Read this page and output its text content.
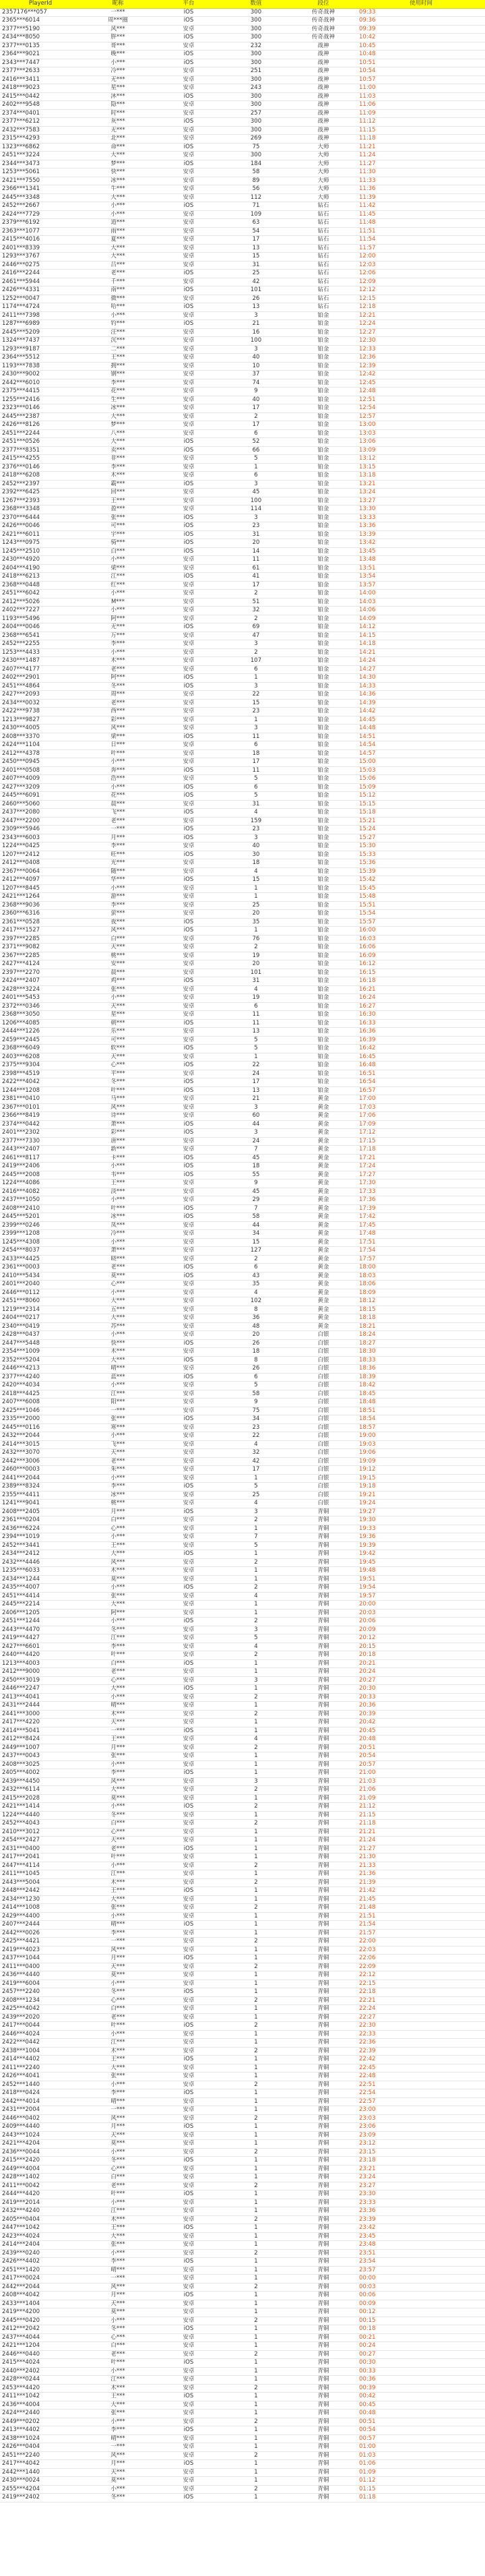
PlayerId	昵称	平台	数值	段位	使用时间
2357176***057	一***	iOS	300	传奇战神	09:33
2365***6014	周***圈	iOS	300	传奇战神	09:36
2377***5190	风***	安卓	300	传奇战神	09:39
2434***8050	胖***	iOS	300	传奇战神	10:42
2377***0135	哥***	安卓	232	战神	10:45
2364***9021	晚***	iOS	300	战神	10:48
2343***7447	小***	iOS	300	战神	10:51
2377***2633	冷***	安卓	251	战神	10:54
2416***3411	无***	安卓	300	战神	10:57
2418***9023	星***	安卓	243	战神	11:00
2415***0442	沐***	iOS	300	战神	11:03
2402***9548	隐***	安卓	300	战神	11:06
2374***0401	时***	安卓	257	战神	11:09
2377***6212	灰***	iOS	300	战神	11:12
2432***7583	无***	安卓	300	战神	11:15
2315***4293	北***	安卓	269	战神	11:18
1323***6862	命***	iOS	75	大师	11:21
2451***3224	大***	安卓	300	大师	11:24
2344***3473	梦***	iOS	184	大师	11:27
1253***5061	快***	安卓	58	大师	11:30
2421***7550	冰***	安卓	89	大师	11:33
2366***1341	牛***	安卓	56	大师	11:36
2445***3348	大***	安卓	112	大师	11:39
2452***2667	小***	iOS	71	钻石	11:42
2424***7729	小***	安卓	109	钻石	11:45
2379***6192	逍***	安卓	63	钻石	11:48
2363***1077	雨***	安卓	54	钻石	11:51
2415***4016	夏***	安卓	17	钻石	11:54
2401***8339	大***	安卓	13	钻石	11:57
1293***3767	大***	安卓	15	钻石	12:00
2446***0275	吕***	安卓	31	钻石	12:03
2416***2244	老***	iOS	25	钻石	12:06
2461***5944	千***	安卓	42	钻石	12:09
2426***4331	南***	iOS	101	钻石	12:12
1252***0047	微***	安卓	26	钻石	12:15
1174***4724	哈***	iOS	13	钻石	12:18
2411***7398	小***	安卓	3	铂金	12:21
1287***6989	钓***	iOS	21	铂金	12:24
2445***5209	汪***	安卓	16	铂金	12:27
1324***7437	沉***	安卓	100	铂金	12:30
1293***9187	二***	安卓	3	铂金	12:33
2364***5512	王***	安卓	40	铂金	12:36
1193***7838	拥***	安卓	10	铂金	12:39
2430***9002	钢***	安卓	37	铂金	12:42
2442***6010	李***	安卓	74	铂金	12:45
2375***4415	花***	安卓	9	铂金	12:48
1255***2416	生***	安卓	40	铂金	12:51
2323***0146	冰***	安卓	17	铂金	12:54
2445***2387	大***	安卓	2	铂金	12:57
2426***8126	梦***	安卓	17	铂金	13:00
2451***2244	八***	安卓	6	铂金	13:03
2451***0526	大***	iOS	52	铂金	13:06
2377***8351	卖***	iOS	66	铂金	13:09
2415***4255	非***	安卓	5	铂金	13:12
2376***0146	李***	安卓	1	铂金	13:15
2418***6208	木***	安卓	6	铂金	13:18
2452***2397	霸***	iOS	3	铂金	13:21
2392***6425	回***	安卓	45	铂金	13:24
1267***2393	王***	安卓	100	铂金	13:27
2368***3348	盈***	安卓	114	铂金	13:30
2370***6444	张***	iOS	3	铂金	13:33
2426***0046	可***	iOS	23	铂金	13:36
2421***6011	宇***	iOS	31	铂金	13:39
1243***0975	骑***	iOS	20	铂金	13:42
1245***2510	白***	iOS	14	铂金	13:45
2430***4920	小***	安卓	11	铂金	13:48
2404***4190	梁***	安卓	61	铂金	13:51
2418***6213	江***	iOS	41	铂金	13:54
2368***0448	红***	安卓	17	铂金	13:57
2451***6042	小***	安卓	2	铂金	14:00
2412***5026	M***	安卓	51	铂金	14:03
2402***7227	小***	安卓	32	铂金	14:06
1193***5496	阿***	安卓	2	铂金	14:09
2404***0046	无***	iOS	69	铂金	14:12
2368***6541	万***	安卓	47	铂金	14:15
2452***2255	李***	安卓	3	铂金	14:18
1253***4433	小***	安卓	2	铂金	14:21
2430***1487	木***	安卓	107	铂金	14:24
2407***4177	老***	安卓	6	铂金	14:27
2402***2901	阿***	iOS	1	铂金	14:30
2451***4864	冬***	iOS	3	铂金	14:33
2427***2093	周***	安卓	22	铂金	14:36
2434***0032	老***	安卓	15	铂金	14:39
2422***9738	西***	安卓	23	铂金	14:42
1213***9827	彩***	安卓	1	铂金	14:45
2430***4005	风***	安卓	3	铂金	14:48
2408***3370	梁***	iOS	11	铂金	14:51
2424***1104	日***	安卓	6	铂金	14:54
2412***4378	叶***	安卓	18	铂金	14:57
2450***0945	小***	安卓	17	铂金	15:00
2401***0508	奔***	iOS	11	铂金	15:03
2407***4009	浩***	安卓	5	铂金	15:06
2427***3209	小***	iOS	6	铂金	15:09
2445***6091	花***	iOS	5	铂金	15:12
2460***5060	晨***	安卓	31	铂金	15:15
2437***2080	飞***	iOS	4	铂金	15:18
2447***2200	老***	安卓	159	铂金	15:21
2309***5946	一***	iOS	23	铂金	15:24
2343***6003	月***	iOS	3	铂金	15:27
1224***0425	李***	安卓	40	铂金	15:30
1207***2412	旺***	iOS	30	铂金	15:33
2412***0408	光***	安卓	18	铂金	15:36
2367***0064	随***	安卓	4	铂金	15:39
2412***4097	华***	iOS	15	铂金	15:42
1207***8445	小***	安卓	1	铂金	15:45
2421***1264	游***	安卓	1	铂金	15:48
2368***9036	李***	安卓	25	铂金	15:51
2360***6316	萤***	安卓	20	铂金	15:54
2361***0528	夜***	iOS	35	铂金	15:57
2417***1527	风***	iOS	1	铂金	16:00
2397***2285	白***	安卓	76	铂金	16:03
2371***9082	天***	安卓	2	铂金	16:06
2367***2285	桃***	安卓	19	铂金	16:09
2427***4124	安***	安卓	20	铂金	16:12
2397***2270	晨***	安卓	101	铂金	16:15
2424***2407	鸡***	iOS	31	铂金	16:18
2428***3224	张***	安卓	4	铂金	16:21
2401***5453	小***	安卓	19	铂金	16:24
2372***0346	天***	安卓	6	铂金	16:27
2368***3050	星***	安卓	11	铂金	16:30
1206***4085	朝***	iOS	11	铂金	16:33
2444***1226	乐***	安卓	13	铂金	16:36
2459***2445	可***	安卓	5	铂金	16:39
2368***6049	软***	iOS	5	铂金	16:42
2403***6208	天***	安卓	1	铂金	16:45
2375***9304	心***	iOS	22	铂金	16:48
2398***4519	平***	安卓	24	铂金	16:51
2422***4042	冬***	iOS	17	铂金	16:54
1244***1208	叶***	iOS	13	铂金	16:57
2381***0410	马***	安卓	21	黄金	17:00
2367***0101	风***	安卓	3	黄金	17:03
2366***8419	诗***	安卓	60	黄金	17:06
2374***0442	萧***	iOS	44	黄金	17:09
2401***2302	彩***	iOS	3	黄金	17:12
2377***7330	唐***	安卓	24	黄金	17:15
2443***2407	新***	安卓	7	黄金	17:18
2461***8117	卡***	iOS	45	黄金	17:21
2419***2406	小***	iOS	18	黄金	17:24
2445***2008	韦***	iOS	55	黄金	17:27
1224***4086	王***	安卓	9	黄金	17:30
2416***4082	淡***	安卓	45	黄金	17:33
2437***1050	小***	安卓	29	黄金	17:36
2408***2410	叶***	iOS	7	黄金	17:39
2445***5201	冰***	iOS	58	黄金	17:42
2399***0246	凤***	安卓	44	黄金	17:45
2399***1208	冷***	安卓	34	黄金	17:48
1245***4308	小***	安卓	15	黄金	17:51
2454***8037	萧***	安卓	127	黄金	17:54
2433***4425	晓***	安卓	2	黄金	17:57
2361***0003	老***	iOS	6	黄金	18:00
2410***5434	莫***	iOS	43	黄金	18:03
2401***2040	心***	安卓	35	黄金	18:06
2446***0112	小***	安卓	4	黄金	18:09
2451***8060	大***	安卓	102	黄金	18:12
1219***2314	五***	安卓	8	黄金	18:15
2404***0217	大***	安卓	36	黄金	18:18
2340***0419	苏***	安卓	48	黄金	18:21
2428***0437	小***	安卓	20	白银	18:24
2447***5448	快***	iOS	26	白银	18:27
2354***1009	木***	安卓	18	白银	18:30
2352***5204	大***	iOS	8	白银	18:33
2446***4213	晴***	安卓	26	白银	18:36
2377***4240	蓝***	iOS	6	白银	18:39
2420***4034	小***	安卓	5	白银	18:42
2418***4425	江***	安卓	58	白银	18:45
2407***6008	阳***	安卓	9	白银	18:48
2425***1046	一***	安卓	75	白银	18:51
2335***2000	张***	iOS	34	白银	18:54
2445***0116	寒***	安卓	23	白银	18:57
2432***2044	小***	安卓	22	白银	19:00
2414***3015	飞***	安卓	4	白银	19:03
2432***3070	天***	安卓	32	白银	19:06
2442***3006	老***	安卓	42	白银	19:09
2460***0003	朱***	安卓	17	白银	19:12
2441***2044	小***	安卓	1	白银	19:15
2389***8324	李***	iOS	5	白银	19:18
2355***4411	冰***	安卓	25	白银	19:21
1241***9041	桃***	安卓	4	白银	19:24
2408***2405	月***	iOS	3	青铜	19:27
2361***0204	白***	安卓	2	青铜	19:30
2436***6224	心***	安卓	1	青铜	19:33
2394***1019	小***	安卓	7	青铜	19:36
2452***3441	王***	安卓	5	青铜	19:39
2434***2412	大***	iOS	1	青铜	19:42
2432***4446	风***	安卓	2	青铜	19:45
1235***6033	木***	安卓	1	青铜	19:48
2434***1244	莫***	安卓	1	青铜	19:51
2435***4007	小***	iOS	2	青铜	19:54
2451***4414	张***	安卓	4	青铜	19:57
2445***2214	大***	安卓	1	青铜	20:00
2406***1205	阿***	安卓	1	青铜	20:03
2451***1244	小***	iOS	2	青铜	20:06
2443***4470	冬***	安卓	3	青铜	20:09
2419***4427	江***	安卓	5	青铜	20:12
2427***6601	李***	安卓	4	青铜	20:15
2440***4420	叶***	安卓	2	青铜	20:18
1213***4003	白***	iOS	1	青铜	20:21
2412***9000	老***	安卓	1	青铜	20:24
2450***3019	心***	安卓	3	青铜	20:27
2446***2247	大***	iOS	1	青铜	20:30
2413***4041	小***	安卓	2	青铜	20:33
2431***2444	晴***	安卓	1	青铜	20:36
2441***3000	木***	安卓	2	青铜	20:39
2417***4220	天***	安卓	1	青铜	20:42
2414***5041	一***	iOS	1	青铜	20:45
2412***8424	王***	安卓	4	青铜	20:48
2449***1007	月***	安卓	2	青铜	20:51
2437***0043	张***	安卓	1	青铜	20:54
2408***3025	小***	安卓	1	青铜	20:57
2405***4002	李***	iOS	1	青铜	21:00
2439***4450	风***	安卓	3	青铜	21:03
2432***6114	大***	安卓	2	青铜	21:06
2415***2028	莫***	安卓	1	青铜	21:09
2421***1414	小***	iOS	2	青铜	21:12
1224***4440	冬***	安卓	1	青铜	21:15
2452***4043	白***	安卓	2	青铜	21:18
2410***3012	心***	安卓	1	青铜	21:21
2454***2427	天***	安卓	1	青铜	21:24
2431***0400	老***	iOS	1	青铜	21:27
2417***2041	叶***	安卓	1	青铜	21:30
2447***4114	小***	安卓	2	青铜	21:33
2411***1045	江***	安卓	1	青铜	21:36
2443***5004	木***	安卓	2	青铜	21:39
2448***2442	王***	iOS	1	青铜	21:42
2434***1230	大***	安卓	1	青铜	21:45
2414***1008	张***	安卓	2	青铜	21:48
2429***4400	小***	安卓	1	青铜	21:51
2407***2444	晴***	iOS	1	青铜	21:54
2442***0026	李***	安卓	1	青铜	21:57
2425***4421	一***	安卓	2	青铜	22:00
2419***4023	风***	安卓	1	青铜	22:03
2437***1044	月***	iOS	1	青铜	22:06
2411***0400	天***	安卓	2	青铜	22:09
2436***4440	莫***	安卓	1	青铜	22:12
2419***6004	小***	安卓	1	青铜	22:15
2457***2240	冬***	iOS	1	青铜	22:18
2408***1234	心***	安卓	2	青铜	22:21
2425***4042	白***	安卓	1	青铜	22:24
2439***2020	老***	安卓	1	青铜	22:27
2417***0044	叶***	iOS	2	青铜	22:30
2446***4024	小***	安卓	1	青铜	22:33
2422***0442	江***	安卓	1	青铜	22:36
2438***1004	木***	安卓	2	青铜	22:39
2414***4402	王***	iOS	1	青铜	22:42
2411***2240	大***	安卓	1	青铜	22:45
2426***4041	张***	安卓	1	青铜	22:48
2452***1440	小***	安卓	2	青铜	22:51
2418***0424	李***	iOS	1	青铜	22:54
2442***4014	晴***	安卓	1	青铜	22:57
2431***2004	一***	安卓	1	青铜	23:00
2446***0402	风***	安卓	2	青铜	23:03
2409***4440	月***	iOS	1	青铜	23:06
2443***1024	天***	安卓	1	青铜	23:09
2421***4204	莫***	安卓	1	青铜	23:12
2436***0044	小***	安卓	2	青铜	23:15
2415***2420	冬***	iOS	1	青铜	23:18
2449***4004	心***	安卓	1	青铜	23:21
2428***1402	白***	安卓	1	青铜	23:24
2411***0042	老***	安卓	2	青铜	23:27
2444***4420	叶***	iOS	1	青铜	23:30
2419***2014	小***	安卓	1	青铜	23:33
2432***4240	江***	安卓	1	青铜	23:36
2405***0404	木***	安卓	2	青铜	23:39
2447***1042	王***	iOS	1	青铜	23:42
2423***4024	大***	安卓	1	青铜	23:45
2414***2404	张***	安卓	1	青铜	23:48
2439***0240	小***	安卓	2	青铜	23:51
2426***4402	李***	iOS	1	青铜	23:54
2451***1420	晴***	安卓	1	青铜	23:57
2417***0024	一***	安卓	1	青铜	00:00
2442***2044	风***	安卓	2	青铜	00:03
2408***4042	月***	iOS	1	青铜	00:06
2433***1404	天***	安卓	1	青铜	00:09
2419***4200	莫***	安卓	1	青铜	00:12
2445***0420	小***	安卓	2	青铜	00:15
2412***2042	冬***	iOS	1	青铜	00:18
2437***4044	心***	安卓	1	青铜	00:21
2421***1204	白***	安卓	1	青铜	00:24
2446***0440	老***	安卓	2	青铜	00:27
2415***4024	叶***	iOS	1	青铜	00:30
2440***2402	小***	安卓	1	青铜	00:33
2428***0244	江***	安卓	1	青铜	00:36
2453***4420	木***	安卓	2	青铜	00:39
2411***1042	王***	iOS	1	青铜	00:42
2436***4004	大***	安卓	1	青铜	00:45
2424***2440	张***	安卓	1	青铜	00:48
2449***0202	小***	安卓	2	青铜	00:51
2413***4402	李***	iOS	1	青铜	00:54
2438***1024	晴***	安卓	1	青铜	00:57
2426***0404	一***	安卓	1	青铜	01:00
2451***2240	风***	安卓	2	青铜	01:03
2417***4042	月***	iOS	1	青铜	01:06
2442***1440	天***	安卓	1	青铜	01:09
2430***0024	莫***	安卓	1	青铜	01:12
2455***4204	小***	安卓	2	青铜	01:15
2419***2402	冬***	iOS	1	青铜	01:18
